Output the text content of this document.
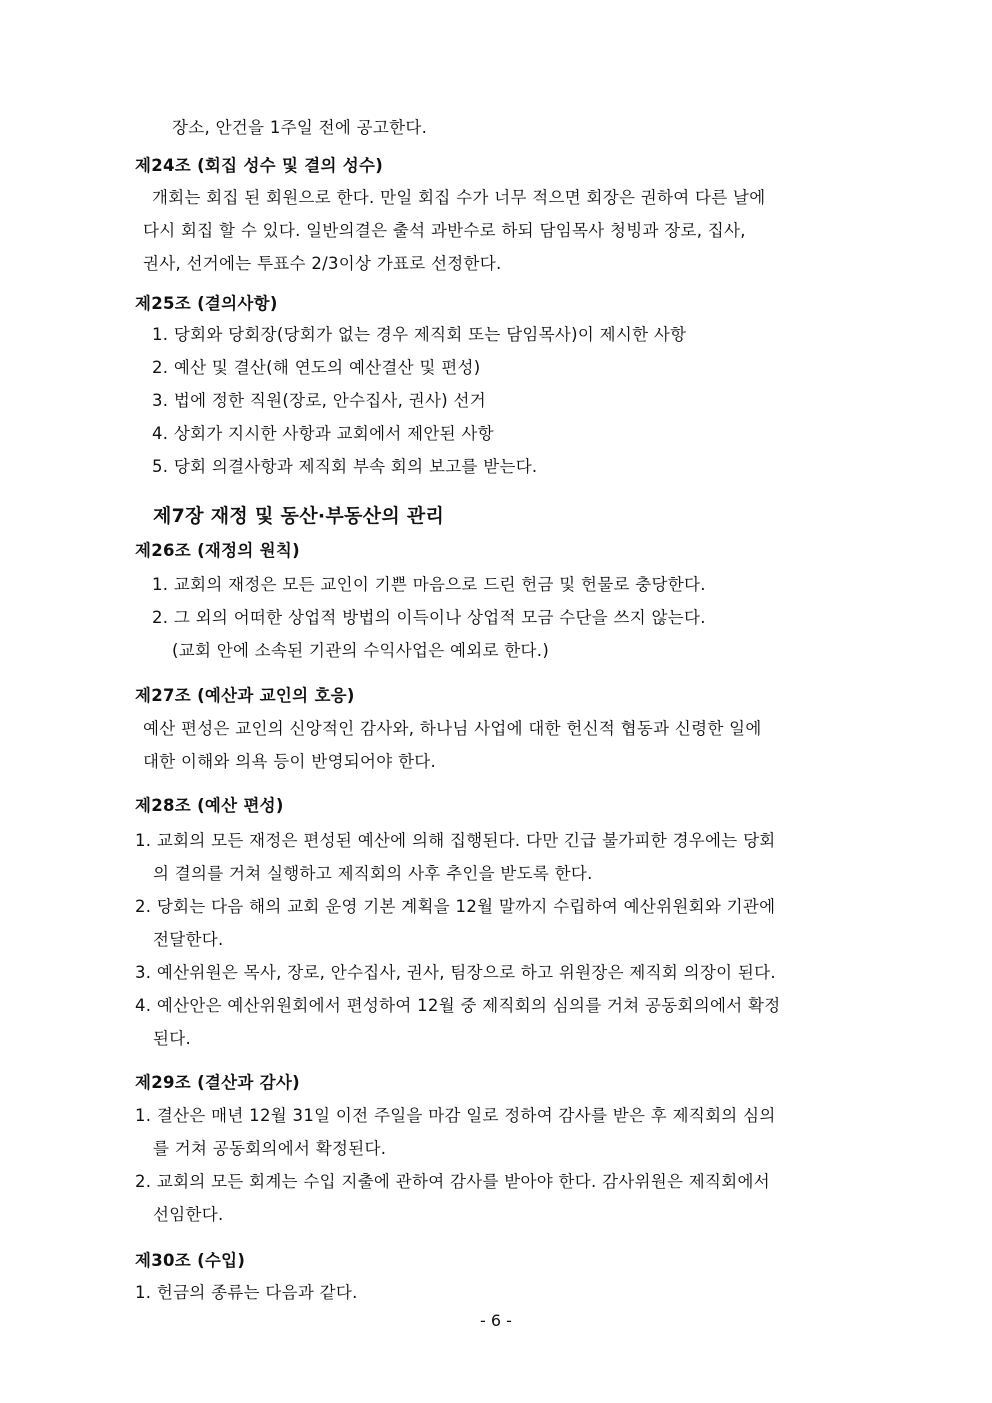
장소, 안건을 1주일 전에 공고한다.
제24조 (회집 성수 및 결의 성수)
개회는 회집 된 회원으로 한다. 만일 회집 수가 너무 적으면 회장은 권하여 다른 날에
다시 회집 할 수 있다. 일반의결은 출석 과반수로 하되 담임목사 청빙과 장로, 집사,
권사, 선거에는 투표수 2/3이상 가표로 선정한다.
제25조 (결의사항)
1. 당회와 당회장(당회가 없는 경우 제직회 또는 담임목사)이 제시한 사항
2. 예산 및 결산(해 연도의 예산결산 및 편성)
3. 법에 정한 직원(장로, 안수집사, 권사) 선거
4. 상회가 지시한 사항과 교회에서 제안된 사항
5. 당회 의결사항과 제직회 부속 회의 보고를 받는다.
제7장 재정 및 동산·부동산의 관리
제26조 (재정의 원칙)
1. 교회의 재정은 모든 교인이 기쁜 마음으로 드린 헌금 및 헌물로 충당한다.
2. 그 외의 어떠한 상업적 방법의 이득이나 상업적 모금 수단을 쓰지 않는다.
(교회 안에 소속된 기관의 수익사업은 예외로 한다.)
제27조 (예산과 교인의 호응)
예산 편성은 교인의 신앙적인 감사와, 하나님 사업에 대한 헌신적 협동과 신령한 일에
대한 이해와 의욕 등이 반영되어야 한다.
제28조 (예산 편성)
1. 교회의 모든 재정은 편성된 예산에 의해 집행된다. 다만 긴급 불가피한 경우에는 당회
의 결의를 거쳐 실행하고 제직회의 사후 추인을 받도록 한다.
2. 당회는 다음 해의 교회 운영 기본 계획을 12월 말까지 수립하여 예산위원회와 기관에
전달한다.
3. 예산위원은 목사, 장로, 안수집사, 권사, 팀장으로 하고 위원장은 제직회 의장이 된다.
4. 예산안은 예산위원회에서 편성하여 12월 중 제직회의 심의를 거쳐 공동회의에서 확정
된다.
제29조 (결산과 감사)
1. 결산은 매년 12월 31일 이전 주일을 마감 일로 정하여 감사를 받은 후 제직회의 심의
를 거쳐 공동회의에서 확정된다.
2. 교회의 모든 회계는 수입 지출에 관하여 감사를 받아야 한다. 감사위원은 제직회에서
선임한다.
제30조 (수입)
1. 헌금의 종류는 다음과 같다.
- 6 -
